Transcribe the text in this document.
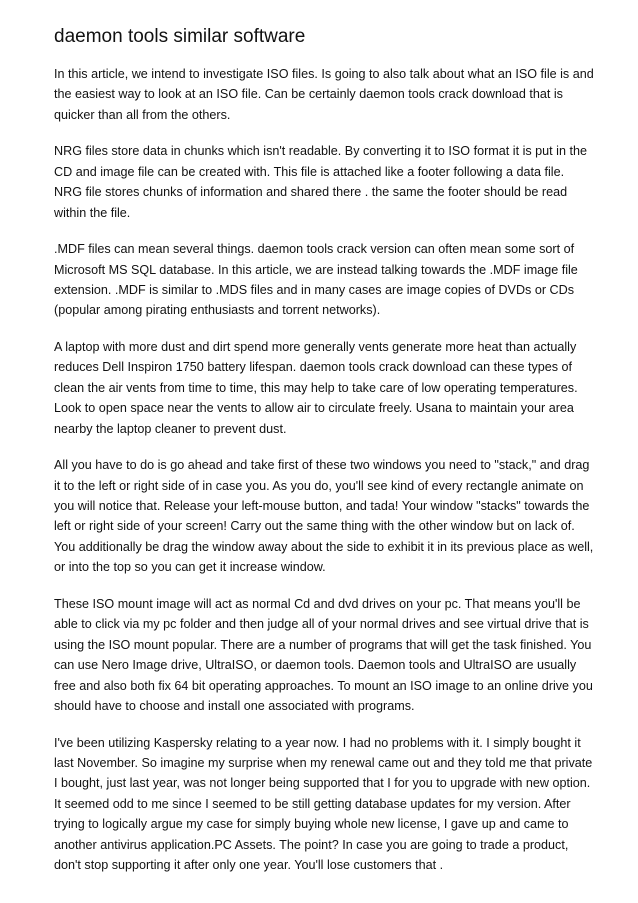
daemon tools similar software

In this article, we intend to investigate ISO files. Is going to also talk about what an ISO file is and the easiest way to look at an ISO file. Can be certainly daemon tools crack download that is quicker than all from the others.

NRG files store data in chunks which isn't readable. By converting it to ISO format it is put in the CD and image file can be created with. This file is attached like a footer following a data file. NRG file stores chunks of information and shared there . the same the footer should be read within the file.

.MDF files can mean several things. daemon tools crack version can often mean some sort of Microsoft MS SQL database. In this article, we are instead talking towards the .MDF image file extension. .MDF is similar to .MDS files and in many cases are image copies of DVDs or CDs (popular among pirating enthusiasts and torrent networks).

A laptop with more dust and dirt spend more generally vents generate more heat than actually reduces Dell Inspiron 1750 battery lifespan. daemon tools crack download can these types of clean the air vents from time to time, this may help to take care of low operating temperatures. Look to open space near the vents to allow air to circulate freely. Usana to maintain your area nearby the laptop cleaner to prevent dust.

All you have to do is go ahead and take first of these two windows you need to "stack," and drag it to the left or right side of in case you. As you do, you'll see kind of every rectangle animate on you will notice that. Release your left-mouse button, and tada! Your window "stacks" towards the left or right side of your screen! Carry out the same thing with the other window but on lack of. You additionally be drag the window away about the side to exhibit it in its previous place as well, or into the top so you can get it increase window.

These ISO mount image will act as normal Cd and dvd drives on your pc. That means you'll be able to click via my pc folder and then judge all of your normal drives and see virtual drive that is using the ISO mount popular. There are a number of programs that will get the task finished. You can use Nero Image drive, UltraISO, or daemon tools. Daemon tools and UltraISO are usually free and also both fix 64 bit operating approaches. To mount an ISO image to an online drive you should have to choose and install one associated with programs.

I've been utilizing Kaspersky relating to a year now. I had no problems with it. I simply bought it last November. So imagine my surprise when my renewal came out and they told me that private I bought, just last year, was not longer being supported that I for you to upgrade with new option. It seemed odd to me since I seemed to be still getting database updates for my version. After trying to logically argue my case for simply buying whole new license, I gave up and came to another antivirus application.PC Assets. The point? In case you are going to trade a product, don't stop supporting it after only one year. You'll lose customers that .
